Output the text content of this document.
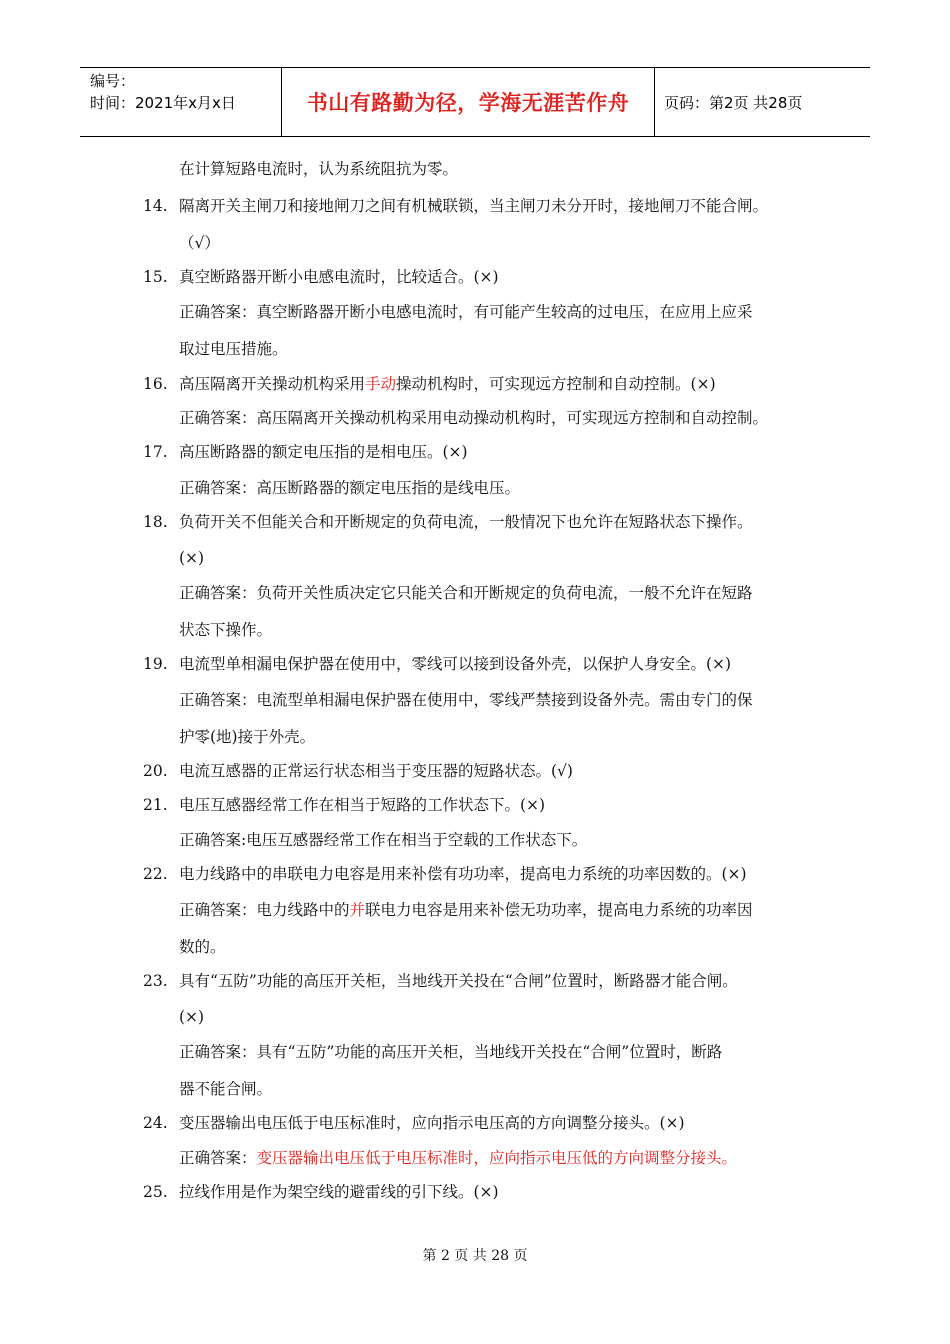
编号：
时间：2021年x月x日	书山有路勤为径，学海无涯苦作舟 页码：第2页 共28页
在计算短路电流时，认为系统阻抗为零。
14. 隔离开关主闸刀和接地闸刀之间有机械联锁，当主闸刀未分开时，接地闸刀不能合闸。
（√）
15. 真空断路器开断小电感电流时，比较适合。(×)
正确答案：真空断路器开断小电感电流时，有可能产生较高的过电压，在应用上应采
取过电压措施。
16. 高压隔离开关操动机构采用手动操动机构时，可实现远方控制和自动控制。(×)
正确答案：高压隔离开关操动机构采用电动操动机构时，可实现远方控制和自动控制。
17. 高压断路器的额定电压指的是相电压。(×)
正确答案：高压断路器的额定电压指的是线电压。
18. 负荷开关不但能关合和开断规定的负荷电流，一般情况下也允许在短路状态下操作。
(×)
正确答案：负荷开关性质决定它只能关合和开断规定的负荷电流，一般不允许在短路
状态下操作。
19. 电流型单相漏电保护器在使用中，零线可以接到设备外壳，以保护人身安全。(×)
正确答案：电流型单相漏电保护器在使用中，零线严禁接到设备外壳。需由专门的保
护零(地)接于外壳。
20. 电流互感器的正常运行状态相当于变压器的短路状态。(√)
21. 电压互感器经常工作在相当于短路的工作状态下。(×)
正确答案:电压互感器经常工作在相当于空载的工作状态下。
22. 电力线路中的串联电力电容是用来补偿有功功率，提高电力系统的功率因数的。(×)
正确答案：电力线路中的并联电力电容是用来补偿无功功率，提高电力系统的功率因
数的。
23. 具有“五防”功能的高压开关柜，当地线开关投在“合闸”位置时，断路器才能合闸。
(×)
正确答案：具有“五防”功能的高压开关柜，当地线开关投在“合闸”位置时，断路
器不能合闸。
24. 变压器输出电压低于电压标准时，应向指示电压高的方向调整分接头。(×)
正确答案：变压器输出电压低于电压标准时，应向指示电压低的方向调整分接头。
25. 拉线作用是作为架空线的避雷线的引下线。(×)
第 2 页 共 28 页
